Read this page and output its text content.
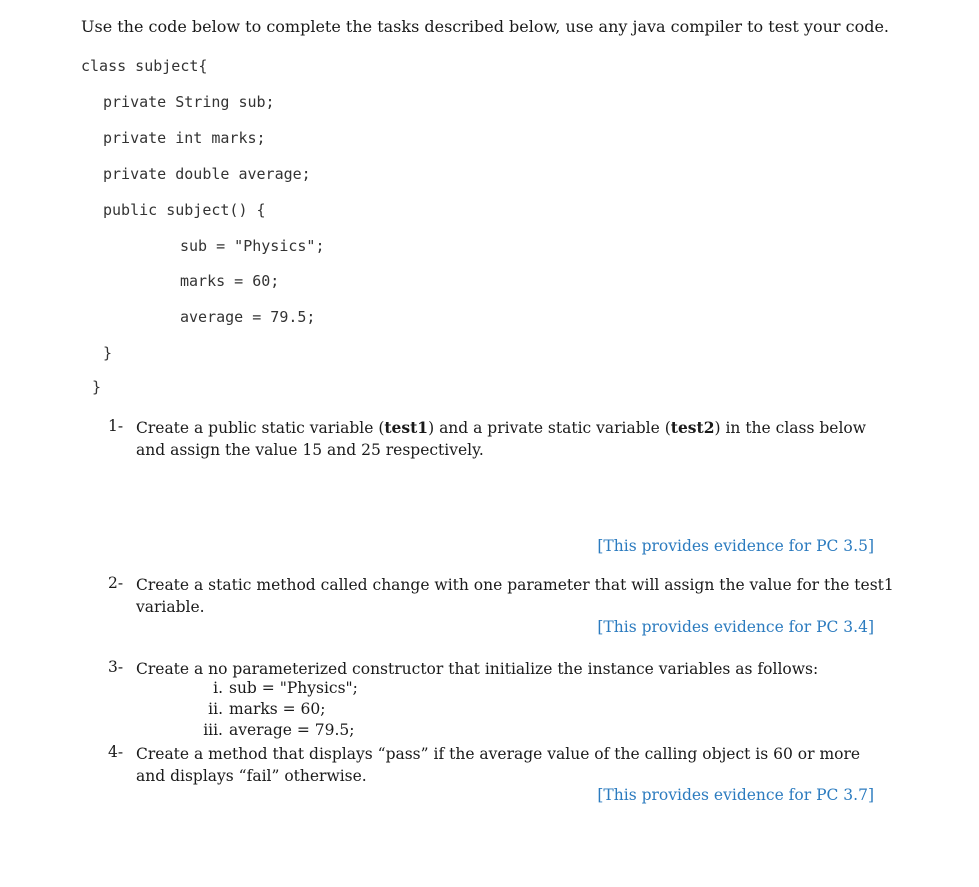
Use the code below to complete the tasks described below, use any java compiler to test your code.
class subject{
private String sub;
private int marks;
private double average;
public subject() {
sub = "Physics";
marks = 60;
average = 79.5;
}
}
1- Create a public static variable (test1) and a private static variable (test2) in the class below and assign the value 15 and 25 respectively.
[This provides evidence for PC 3.5]
2- Create a static method called change with one parameter that will assign the value for the test1 variable.
[This provides evidence for PC 3.4]
3- Create a no parameterized constructor that initialize the instance variables as follows:
i. sub = "Physics";
ii. marks = 60;
iii. average = 79.5;
4- Create a method that displays “pass” if the average value of the calling object is 60 or more and displays “fail” otherwise.
[This provides evidence for PC 3.7]
